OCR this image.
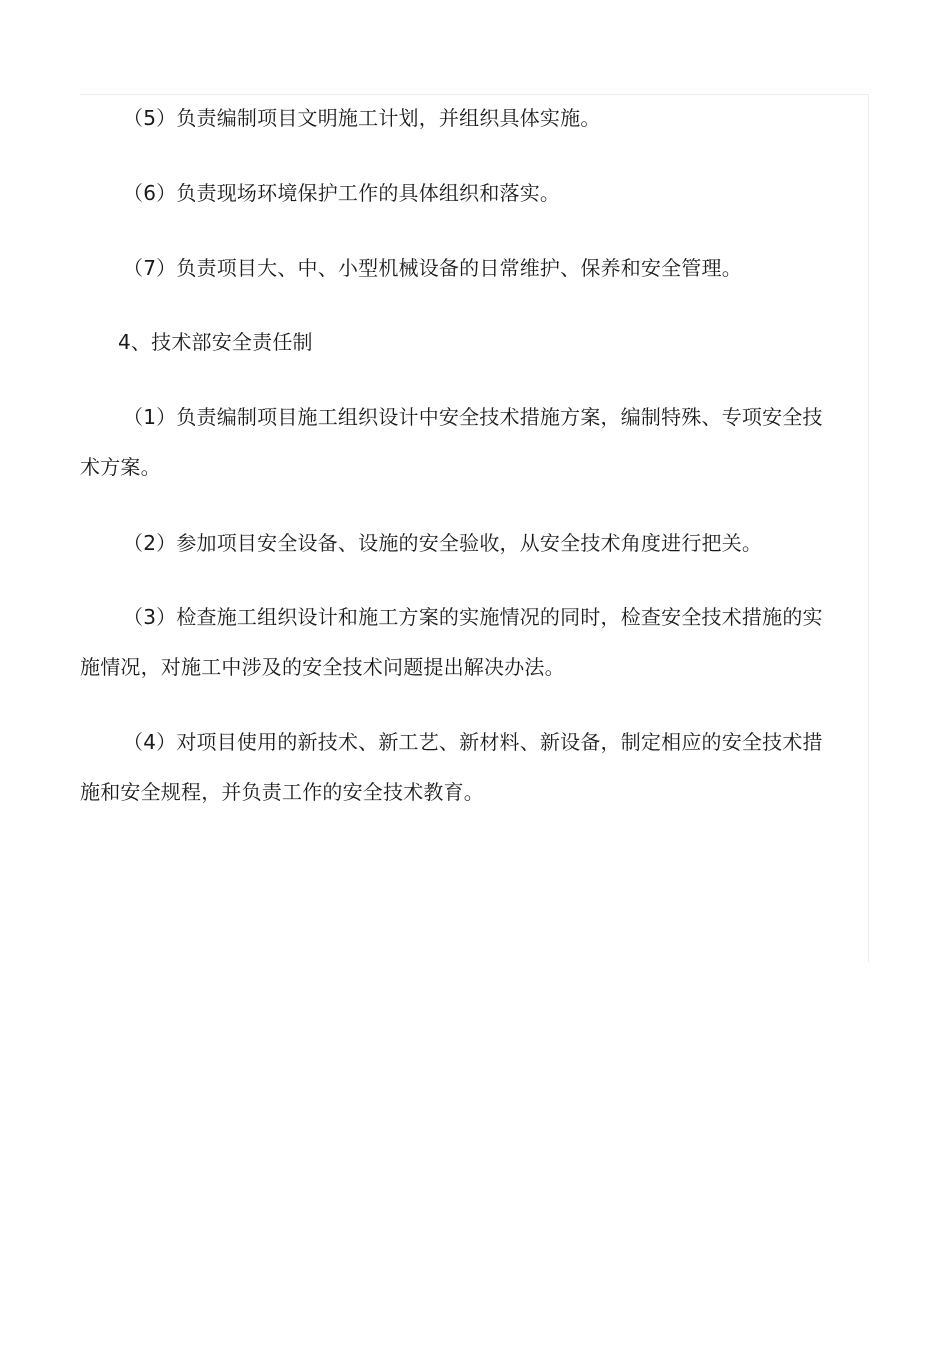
（5）负责编制项目文明施工计划，并组织具体实施。

（6）负责现场环境保护工作的具体组织和落实。

（7）负责项目大、中、小型机械设备的日常维护、保养和安全管理。

4、技术部安全责任制

（1）负责编制项目施工组织设计中安全技术措施方案，编制特殊、专项安全技术方案。

（2）参加项目安全设备、设施的安全验收，从安全技术角度进行把关。

（3）检查施工组织设计和施工方案的实施情况的同时，检查安全技术措施的实施情况，对施工中涉及的安全技术问题提出解决办法。

（4）对项目使用的新技术、新工艺、新材料、新设备，制定相应的安全技术措施和安全规程，并负责工作的安全技术教育。
